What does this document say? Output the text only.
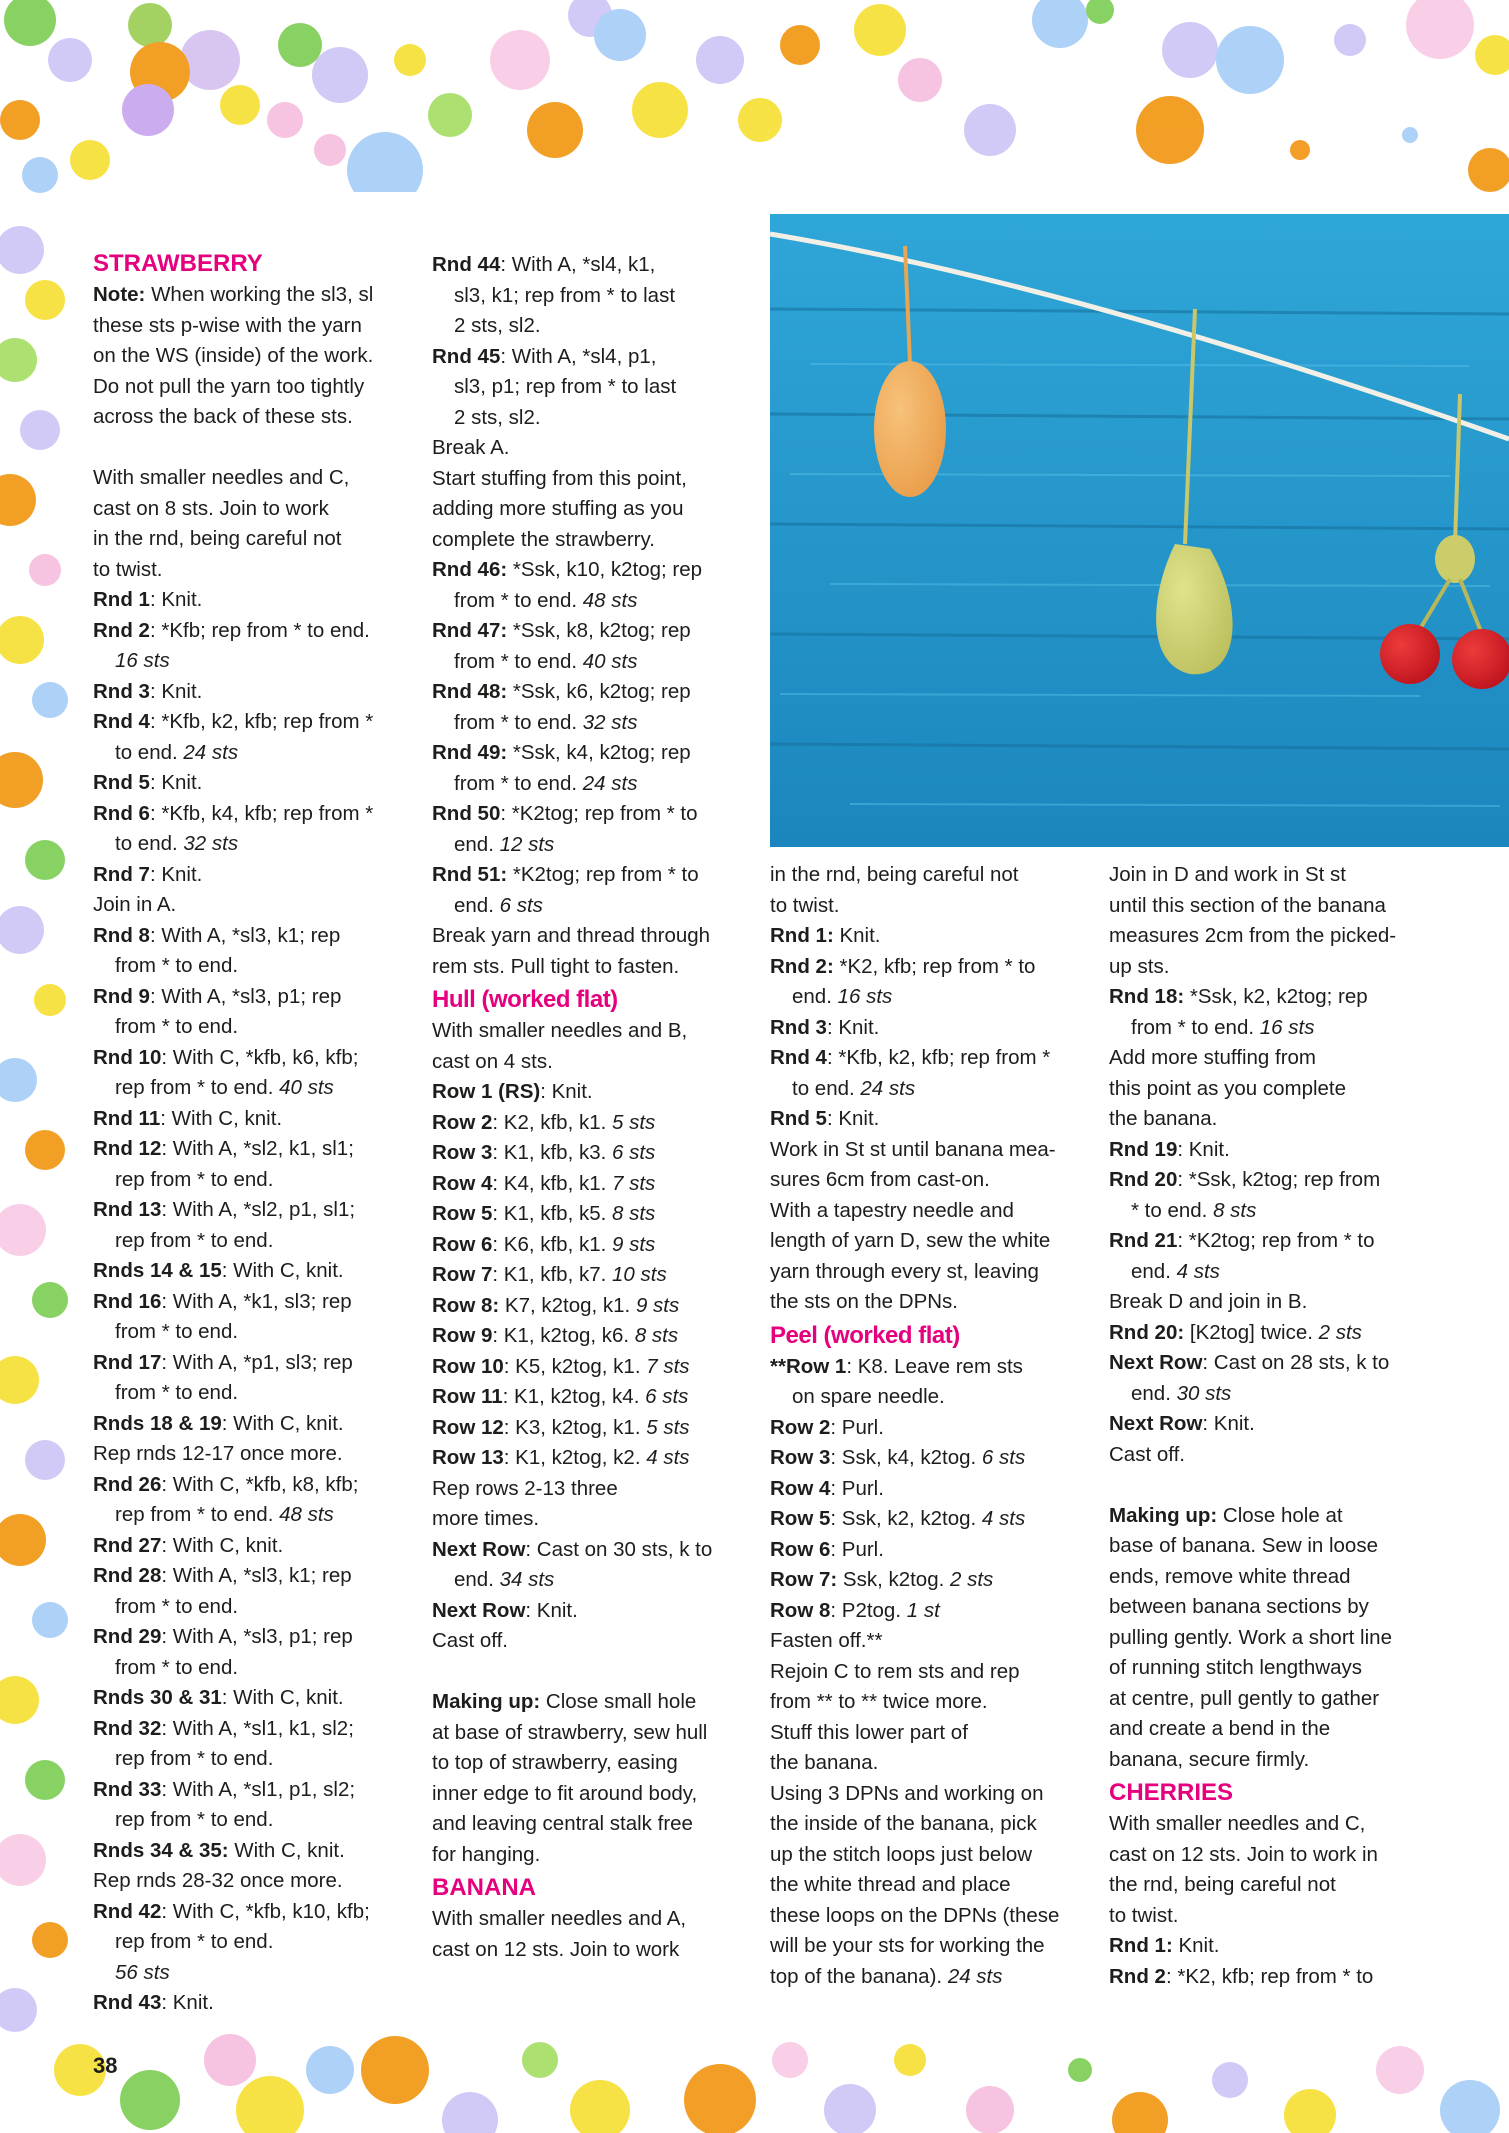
STRAWBERRY

Note: When working the sl3, sl

these sts p-wise with the yarn

on the WS (inside) of the work.

Do not pull the yarn too tightly

across the back of these sts.

With smaller needles and C,

cast on 8 sts. Join to work

in the rnd, being careful not

to twist.

Rnd 1: Knit.

Rnd 2: *Kfb; rep from * to end.

16 sts

Rnd 3: Knit.

Rnd 4: *Kfb, k2, kfb; rep from *

to end. 24 sts

Rnd 5: Knit.

Rnd 6: *Kfb, k4, kfb; rep from *

to end. 32 sts

Rnd 7: Knit.

Join in A.

Rnd 8: With A, *sl3, k1; rep

from * to end.

Rnd 9: With A, *sl3, p1; rep

from * to end.

Rnd 10: With C, *kfb, k6, kfb;

rep from * to end. 40 sts

Rnd 11: With C, knit.

Rnd 12: With A, *sl2, k1, sl1;

rep from * to end.

Rnd 13: With A, *sl2, p1, sl1;

rep from * to end.

Rnds 14 & 15: With C, knit.

Rnd 16: With A, *k1, sl3; rep

from * to end.

Rnd 17: With A, *p1, sl3; rep

from * to end.

Rnds 18 & 19: With C, knit.

Rep rnds 12-17 once more.

Rnd 26: With C, *kfb, k8, kfb;

rep from * to end. 48 sts

Rnd 27: With C, knit.

Rnd 28: With A, *sl3, k1; rep

from * to end.

Rnd 29: With A, *sl3, p1; rep

from * to end.

Rnds 30 & 31: With C, knit.

Rnd 32: With A, *sl1, k1, sl2;

rep from * to end.

Rnd 33: With A, *sl1, p1, sl2;

rep from * to end.

Rnds 34 & 35: With C, knit.

Rep rnds 28-32 once more.

Rnd 42: With C, *kfb, k10, kfb;

rep from * to end.

56 sts

Rnd 43: Knit.

Rnd 44: With A, *sl4, k1,

sl3, k1; rep from * to last

2 sts, sl2.

Rnd 45: With A, *sl4, p1,

sl3, p1; rep from * to last

2 sts, sl2.

Break A.

Start stuffing from this point,

adding more stuffing as you

complete the strawberry.

Rnd 46: *Ssk, k10, k2tog; rep

from * to end. 48 sts

Rnd 47: *Ssk, k8, k2tog; rep

from * to end. 40 sts

Rnd 48: *Ssk, k6, k2tog; rep

from * to end. 32 sts

Rnd 49: *Ssk, k4, k2tog; rep

from * to end. 24 sts

Rnd 50: *K2tog; rep from * to

end. 12 sts

Rnd 51: *K2tog; rep from * to

end. 6 sts

Break yarn and thread through

rem sts. Pull tight to fasten.

Hull (worked flat)

With smaller needles and B,

cast on 4 sts.

Row 1 (RS): Knit.

Row 2: K2, kfb, k1. 5 sts

Row 3: K1, kfb, k3. 6 sts

Row 4: K4, kfb, k1. 7 sts

Row 5: K1, kfb, k5. 8 sts

Row 6: K6, kfb, k1. 9 sts

Row 7: K1, kfb, k7. 10 sts

Row 8: K7, k2tog, k1. 9 sts

Row 9: K1, k2tog, k6. 8 sts

Row 10: K5, k2tog, k1. 7 sts

Row 11: K1, k2tog, k4. 6 sts

Row 12: K3, k2tog, k1. 5 sts

Row 13: K1, k2tog, k2. 4 sts

Rep rows 2-13 three

more times.

Next Row: Cast on 30 sts, k to

end. 34 sts

Next Row: Knit.

Cast off.

Making up: Close small hole

at base of strawberry, sew hull

to top of strawberry, easing

inner edge to fit around body,

and leaving central stalk free

for hanging.

BANANA

With smaller needles and A,

cast on 12 sts. Join to work

in the rnd, being careful not

to twist.

Rnd 1: Knit.

Rnd 2: *K2, kfb; rep from * to

end. 16 sts

Rnd 3: Knit.

Rnd 4: *Kfb, k2, kfb; rep from *

to end. 24 sts

Rnd 5: Knit.

Work in St st until banana mea-

sures 6cm from cast-on.

With a tapestry needle and

length of yarn D, sew the white

yarn through every st, leaving

the sts on the DPNs.

Peel (worked flat)

**Row 1: K8. Leave rem sts

on spare needle.

Row 2: Purl.

Row 3: Ssk, k4, k2tog. 6 sts

Row 4: Purl.

Row 5: Ssk, k2, k2tog. 4 sts

Row 6: Purl.

Row 7: Ssk, k2tog. 2 sts

Row 8: P2tog. 1 st

Fasten off.**

Rejoin C to rem sts and rep

from ** to ** twice more.

Stuff this lower part of

the banana.

Using 3 DPNs and working on

the inside of the banana, pick

up the stitch loops just below

the white thread and place

these loops on the DPNs (these

will be your sts for working the

top of the banana). 24 sts

Join in D and work in St st

until this section of the banana

measures 2cm from the picked-

up sts.

Rnd 18: *Ssk, k2, k2tog; rep

from * to end. 16 sts

Add more stuffing from

this point as you complete

the banana.

Rnd 19: Knit.

Rnd 20: *Ssk, k2tog; rep from

* to end. 8 sts

Rnd 21: *K2tog; rep from * to

end. 4 sts

Break D and join in B.

Rnd 20: [K2tog] twice. 2 sts

Next Row: Cast on 28 sts, k to

end. 30 sts

Next Row: Knit.

Cast off.

Making up: Close hole at

base of banana. Sew in loose

ends, remove white thread

between banana sections by

pulling gently. Work a short line

of running stitch lengthways

at centre, pull gently to gather

and create a bend in the

banana, secure firmly.

CHERRIES

With smaller needles and C,

cast on 12 sts. Join to work in

the rnd, being careful not

to twist.

Rnd 1: Knit.

Rnd 2: *K2, kfb; rep from * to

38
